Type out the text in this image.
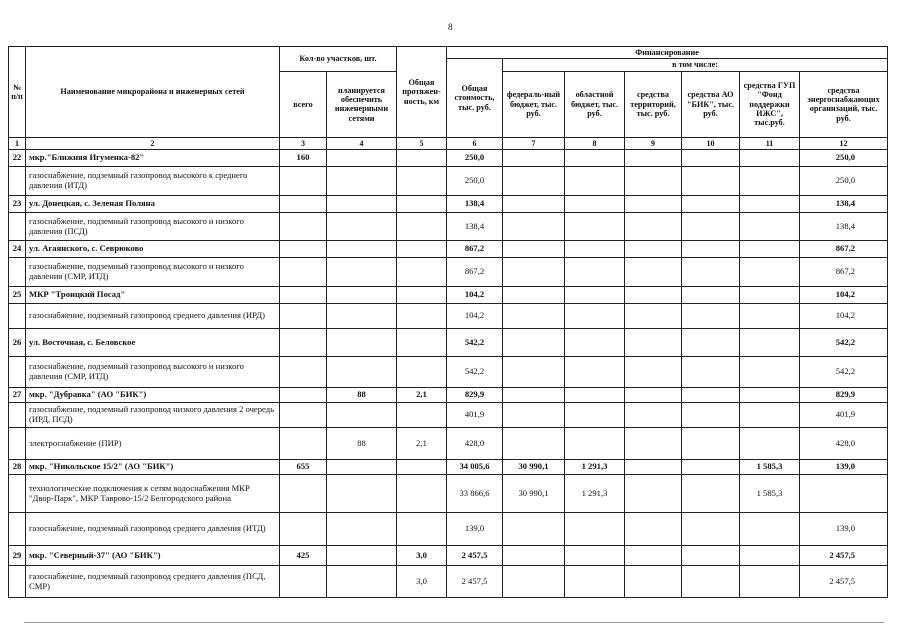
8
№
п/п	Наименование микрорайона и инженерных сетей	Кол-во участков, шт.		Общая протяжен-ность, км	Финансирование						
					Общая стоимость, тыс. руб.	в том числе:					
		всего	планируется обеспечить инженерными сетями			федераль-ный бюджет, тыс. руб.	областной бюджет, тыс. руб.	средства территорий, тыс. руб.	средства АО "БИК", тыс. руб.	средства ГУП "Фонд поддержки ИЖС", тыс.руб.	средства энергоснабжающих организаций, тыс. руб.
1	2	3	4	5	6	7	8	9	10	11	12
22	мкр."Ближняя Игуменка-82"	160			250,0						250,0
	газоснабжение, подземный газопровод высокого к среднего давления (ИТД)				250,0						250,0
23	ул. Донецкая, с. Зеленая Поляна				138,4						138,4
	газоснабжение, подземный газопровод высокого и низкого давления (ПСД)				138,4						138,4
24	ул. Агаянского, с. Севрюково				867,2						867,2
	газоснабжение, подземный газопровод высокого и низкого давления (СМР, ИТД)				867,2						867,2
25	МКР "Троицкий Посад"				104,2						104,2
	газоснабжение, подземный газопровод среднего давления (ИРД)				104,2						104,2
26	ул. Восточная, с. Беловское				542,2						542,2
	газоснабжение, подземный газопровод высокого и низкого давления (СМР, ИТД)				542,2						542,2
27	мкр. "Дубравка" (АО "БИК")		88	2,1	829,9						829,9
	газоснабжение, подземный газопровод низкого давления 2 очередь (ИРД, ПСД)				401,9						401,9
	электроснабжение (ПИР)		88	2,1	428,0						428,0
28	мкр. "Никольское 15/2" (АО "БИК")	655			34 005,6	30 990,1	1 291,3			1 585,3	139,0
	технологические подключения к сетям водоснабжения МКР "Двор-Парк", МКР Таврово-15/2 Белгородского района				33 866,6	30 990,1	1 291,3			1 585,3	
	газоснабжение, подземный газопровод среднего давления (ИТД)				139,0						139,0
29	мкр. "Северный-37" (АО "БИК")	425		3,0	2 457,5						2 457,5
	газоснабжение, подземный газопровод среднего давления (ПСД, СМР)			3,0	2 457,5						2 457,5
